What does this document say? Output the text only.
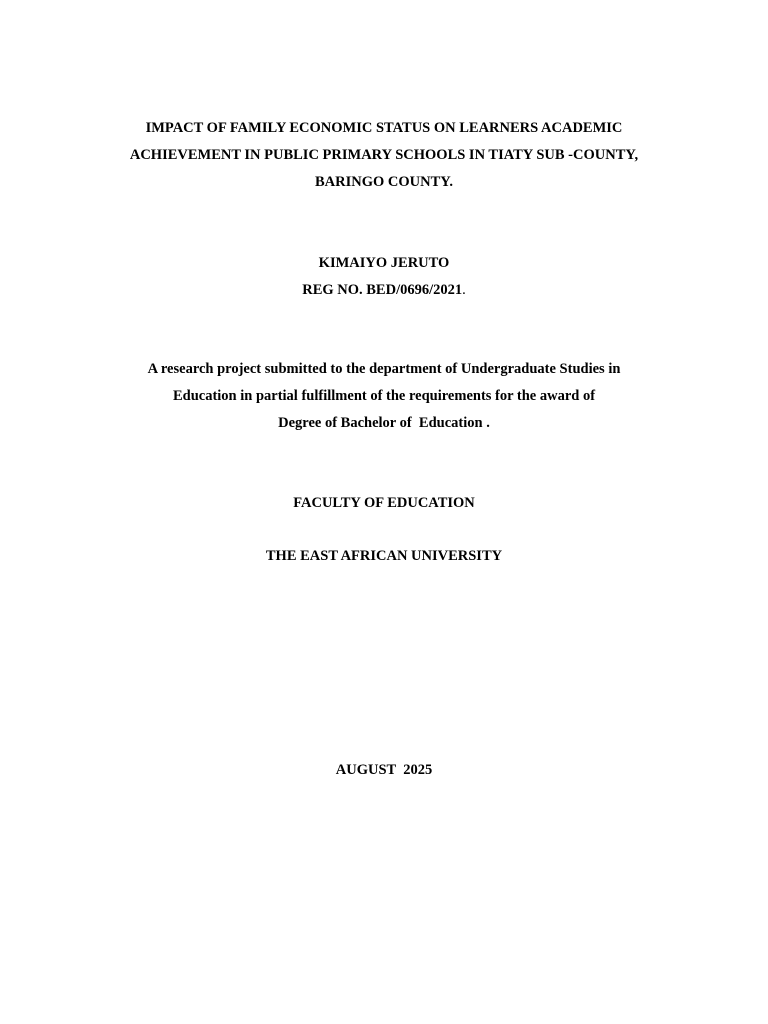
IMPACT OF FAMILY ECONOMIC STATUS ON LEARNERS ACADEMIC
ACHIEVEMENT IN PUBLIC PRIMARY SCHOOLS IN TIATY SUB -COUNTY,
BARINGO COUNTY.
KIMAIYO JERUTO
REG NO. BED/0696/2021.
A research project submitted to the department of Undergraduate Studies in
Education in partial fulfillment of the requirements for the award of
Degree of Bachelor of  Education .
FACULTY OF EDUCATION
THE EAST AFRICAN UNIVERSITY
AUGUST  2025
